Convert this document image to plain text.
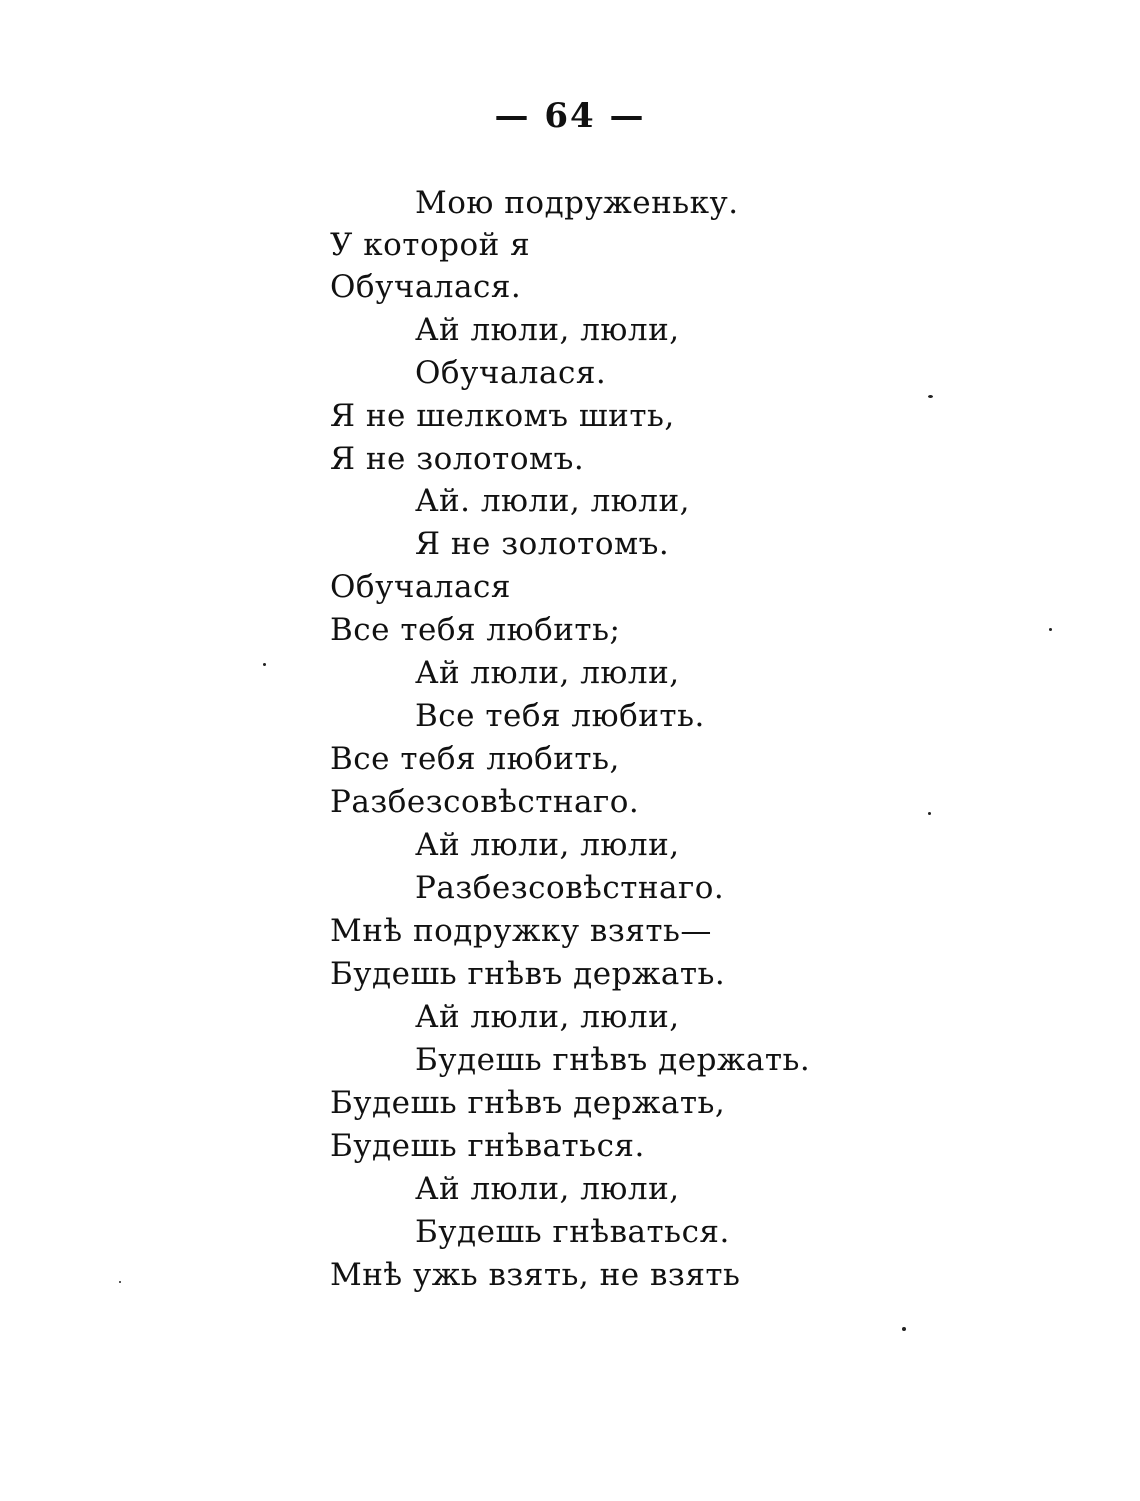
— 64 —
Мою подруженьку.
У которой я
Обучалася.
Ай люли, люли,
Обучалася.
Я не шелкомъ шить,
Я не золотомъ.
Ай. люли, люли,
Я не золотомъ.
Обучалася
Все тебя любить;
Ай люли, люли,
Все тебя любить.
Все тебя любить,
Разбезсовѣстнаго.
Ай люли, люли,
Разбезсовѣстнаго.
Мнѣ подружку взять—
Будешь гнѣвъ держать.
Ай люли, люли,
Будешь гнѣвъ держать.
Будешь гнѣвъ держать,
Будешь гнѣваться.
Ай люли, люли,
Будешь гнѣваться.
Мнѣ ужь взять, не взять
